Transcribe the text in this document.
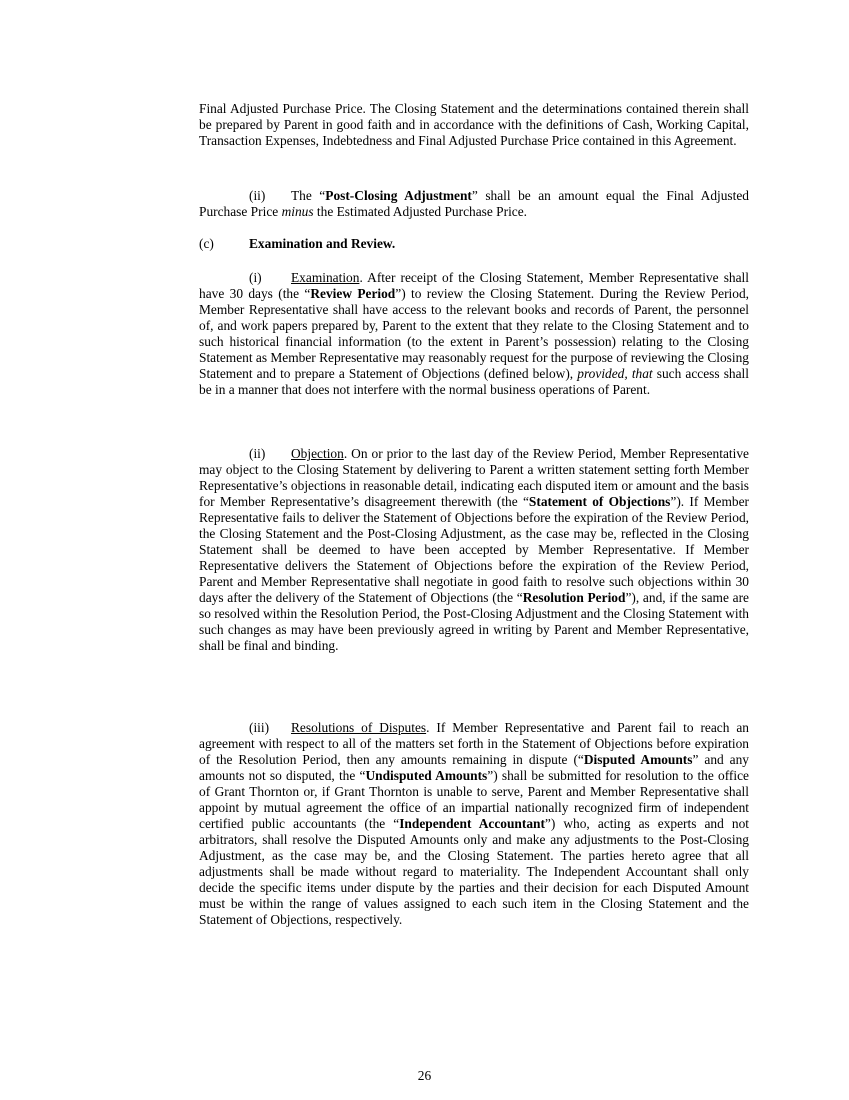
Final Adjusted Purchase Price. The Closing Statement and the determinations contained therein shall be prepared by Parent in good faith and in accordance with the definitions of Cash, Working Capital, Transaction Expenses, Indebtedness and Final Adjusted Purchase Price contained in this Agreement.

(ii) The “Post-Closing Adjustment” shall be an amount equal the Final Adjusted Purchase Price minus the Estimated Adjusted Purchase Price.

(c)	Examination and Review.

(i) Examination. After receipt of the Closing Statement, Member Representative shall have 30 days (the “Review Period”) to review the Closing Statement. During the Review Period, Member Representative shall have access to the relevant books and records of Parent, the personnel of, and work papers prepared by, Parent to the extent that they relate to the Closing Statement and to such historical financial information (to the extent in Parent’s possession) relating to the Closing Statement as Member Representative may reasonably request for the purpose of reviewing the Closing Statement and to prepare a Statement of Objections (defined below), provided, that such access shall be in a manner that does not interfere with the normal business operations of Parent.

(ii) Objection. On or prior to the last day of the Review Period, Member Representative may object to the Closing Statement by delivering to Parent a written statement setting forth Member Representative’s objections in reasonable detail, indicating each disputed item or amount and the basis for Member Representative’s disagreement therewith (the “Statement of Objections”). If Member Representative fails to deliver the Statement of Objections before the expiration of the Review Period, the Closing Statement and the Post-Closing Adjustment, as the case may be, reflected in the Closing Statement shall be deemed to have been accepted by Member Representative. If Member Representative delivers the Statement of Objections before the expiration of the Review Period, Parent and Member Representative shall negotiate in good faith to resolve such objections within 30 days after the delivery of the Statement of Objections (the “Resolution Period”), and, if the same are so resolved within the Resolution Period, the Post-Closing Adjustment and the Closing Statement with such changes as may have been previously agreed in writing by Parent and Member Representative, shall be final and binding.

(iii) Resolutions of Disputes. If Member Representative and Parent fail to reach an agreement with respect to all of the matters set forth in the Statement of Objections before expiration of the Resolution Period, then any amounts remaining in dispute (“Disputed Amounts” and any amounts not so disputed, the “Undisputed Amounts”) shall be submitted for resolution to the office of Grant Thornton or, if Grant Thornton is unable to serve, Parent and Member Representative shall appoint by mutual agreement the office of an impartial nationally recognized firm of independent certified public accountants (the “Independent Accountant”) who, acting as experts and not arbitrators, shall resolve the Disputed Amounts only and make any adjustments to the Post-Closing Adjustment, as the case may be, and the Closing Statement. The parties hereto agree that all adjustments shall be made without regard to materiality. The Independent Accountant shall only decide the specific items under dispute by the parties and their decision for each Disputed Amount must be within the range of values assigned to each such item in the Closing Statement and the Statement of Objections, respectively.

26
